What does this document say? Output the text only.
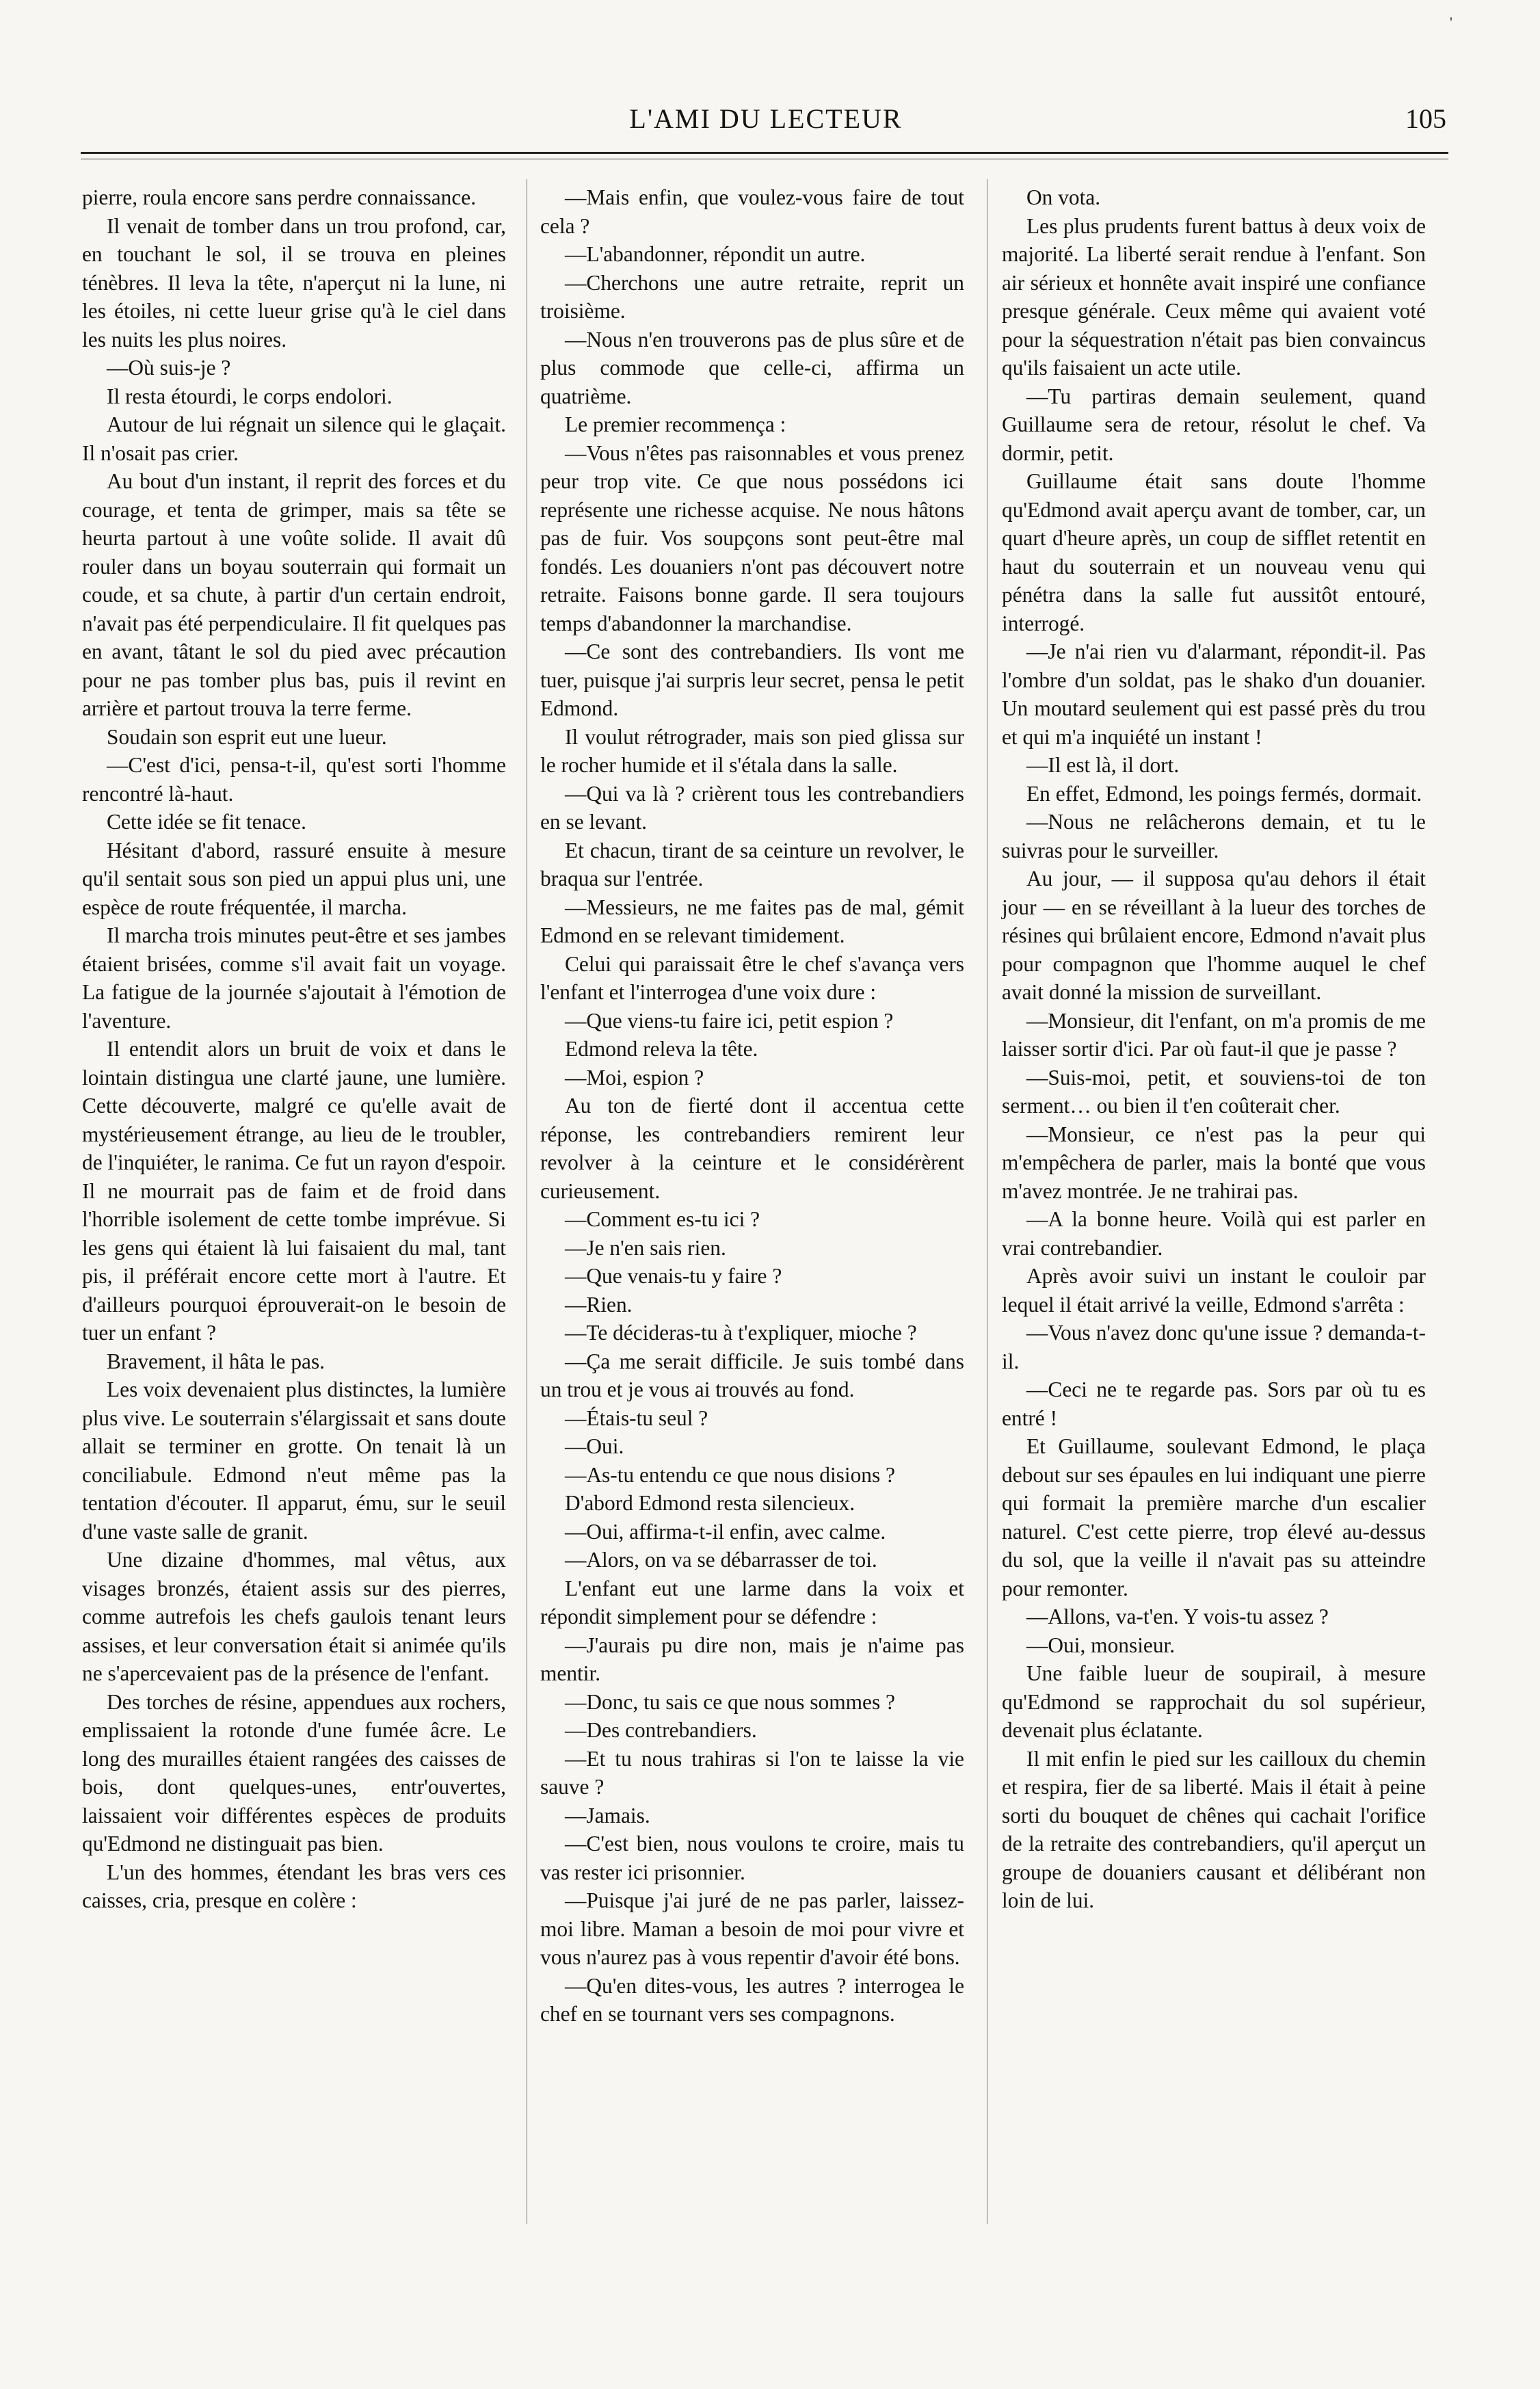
'
L'AMI DU LECTEUR	105

pierre, roula encore sans perdre connaissance.

Il venait de tomber dans un trou profond, car, en touchant le sol, il se trouva en pleines ténèbres. Il leva la tête, n'aperçut ni la lune, ni les étoiles, ni cette lueur grise qu'à le ciel dans les nuits les plus noires.

—Où suis-je ?

Il resta étourdi, le corps endolori.

Autour de lui régnait un silence qui le glaçait. Il n'osait pas crier.

Au bout d'un instant, il reprit des forces et du courage, et tenta de grimper, mais sa tête se heurta partout à une voûte solide. Il avait dû rouler dans un boyau souterrain qui formait un coude, et sa chute, à partir d'un certain endroit, n'avait pas été perpendiculaire. Il fit quelques pas en avant, tâtant le sol du pied avec précaution pour ne pas tomber plus bas, puis il revint en arrière et partout trouva la terre ferme.

Soudain son esprit eut une lueur.

—C'est d'ici, pensa-t-il, qu'est sorti l'homme rencontré là-haut.

Cette idée se fit tenace.

Hésitant d'abord, rassuré ensuite à mesure qu'il sentait sous son pied un appui plus uni, une espèce de route fréquentée, il marcha.

Il marcha trois minutes peut-être et ses jambes étaient brisées, comme s'il avait fait un voyage. La fatigue de la journée s'ajoutait à l'émotion de l'aventure.

Il entendit alors un bruit de voix et dans le lointain distingua une clarté jaune, une lumière. Cette découverte, malgré ce qu'elle avait de mystérieusement étrange, au lieu de le troubler, de l'inquiéter, le ranima. Ce fut un rayon d'espoir. Il ne mourrait pas de faim et de froid dans l'horrible isolement de cette tombe imprévue. Si les gens qui étaient là lui faisaient du mal, tant pis, il préférait encore cette mort à l'autre. Et d'ailleurs pourquoi éprouverait-on le besoin de tuer un enfant ?

Bravement, il hâta le pas.

Les voix devenaient plus distinctes, la lumière plus vive. Le souterrain s'élargissait et sans doute allait se terminer en grotte. On tenait là un conciliabule. Edmond n'eut même pas la tentation d'écouter. Il apparut, ému, sur le seuil d'une vaste salle de granit.

Une dizaine d'hommes, mal vêtus, aux visages bronzés, étaient assis sur des pierres, comme autrefois les chefs gaulois tenant leurs assises, et leur conversation était si animée qu'ils ne s'apercevaient pas de la présence de l'enfant.

Des torches de résine, appendues aux rochers, emplissaient la rotonde d'une fumée âcre. Le long des murailles étaient rangées des caisses de bois, dont quelques-unes, entr'ouvertes, laissaient voir différentes espèces de produits qu'Edmond ne distinguait pas bien.

L'un des hommes, étendant les bras vers ces caisses, cria, presque en colère :

—Mais enfin, que voulez-vous faire de tout cela ?

—L'abandonner, répondit un autre.

—Cherchons une autre retraite, reprit un troisième.

—Nous n'en trouverons pas de plus sûre et de plus commode que celle-ci, affirma un quatrième.

Le premier recommença :

—Vous n'êtes pas raisonnables et vous prenez peur trop vite. Ce que nous possédons ici représente une richesse acquise. Ne nous hâtons pas de fuir. Vos soupçons sont peut-être mal fondés. Les douaniers n'ont pas découvert notre retraite. Faisons bonne garde. Il sera toujours temps d'abandonner la marchandise.

—Ce sont des contrebandiers. Ils vont me tuer, puisque j'ai surpris leur secret, pensa le petit Edmond.

Il voulut rétrograder, mais son pied glissa sur le rocher humide et il s'étala dans la salle.

—Qui va là ? crièrent tous les contrebandiers en se levant.

Et chacun, tirant de sa ceinture un revolver, le braqua sur l'entrée.

—Messieurs, ne me faites pas de mal, gémit Edmond en se relevant timidement.

Celui qui paraissait être le chef s'avança vers l'enfant et l'interrogea d'une voix dure :

—Que viens-tu faire ici, petit espion ?

Edmond releva la tête.

—Moi, espion ?

Au ton de fierté dont il accentua cette réponse, les contrebandiers remirent leur revolver à la ceinture et le considérèrent curieusement.

—Comment es-tu ici ?

—Je n'en sais rien.

—Que venais-tu y faire ?

—Rien.

—Te décideras-tu à t'expliquer, mioche ?

—Ça me serait difficile. Je suis tombé dans un trou et je vous ai trouvés au fond.

—Étais-tu seul ?

—Oui.

—As-tu entendu ce que nous disions ?

D'abord Edmond resta silencieux.

—Oui, affirma-t-il enfin, avec calme.

—Alors, on va se débarrasser de toi.

L'enfant eut une larme dans la voix et répondit simplement pour se défendre :

—J'aurais pu dire non, mais je n'aime pas mentir.

—Donc, tu sais ce que nous sommes ?

—Des contrebandiers.

—Et tu nous trahiras si l'on te laisse la vie sauve ?

—Jamais.

—C'est bien, nous voulons te croire, mais tu vas rester ici prisonnier.

—Puisque j'ai juré de ne pas parler, laissez-moi libre. Maman a besoin de moi pour vivre et vous n'aurez pas à vous repentir d'avoir été bons.

—Qu'en dites-vous, les autres ? interrogea le chef en se tournant vers ses compagnons.

On vota.

Les plus prudents furent battus à deux voix de majorité. La liberté serait rendue à l'enfant. Son air sérieux et honnête avait inspiré une confiance presque générale. Ceux même qui avaient voté pour la séquestration n'était pas bien convaincus qu'ils faisaient un acte utile.

—Tu partiras demain seulement, quand Guillaume sera de retour, résolut le chef. Va dormir, petit.

Guillaume était sans doute l'homme qu'Edmond avait aperçu avant de tomber, car, un quart d'heure après, un coup de sifflet retentit en haut du souterrain et un nouveau venu qui pénétra dans la salle fut aussitôt entouré, interrogé.

—Je n'ai rien vu d'alarmant, répondit-il. Pas l'ombre d'un soldat, pas le shako d'un douanier. Un moutard seulement qui est passé près du trou et qui m'a inquiété un instant !

—Il est là, il dort.

En effet, Edmond, les poings fermés, dormait.

—Nous ne relâcherons demain, et tu le suivras pour le surveiller.

Au jour, — il supposa qu'au dehors il était jour — en se réveillant à la lueur des torches de résines qui brûlaient encore, Edmond n'avait plus pour compagnon que l'homme auquel le chef avait donné la mission de surveillant.

—Monsieur, dit l'enfant, on m'a promis de me laisser sortir d'ici. Par où faut-il que je passe ?

—Suis-moi, petit, et souviens-toi de ton serment… ou bien il t'en coûterait cher.

—Monsieur, ce n'est pas la peur qui m'empêchera de parler, mais la bonté que vous m'avez montrée. Je ne trahirai pas.

—A la bonne heure. Voilà qui est parler en vrai contrebandier.

Après avoir suivi un instant le couloir par lequel il était arrivé la veille, Edmond s'arrêta :

—Vous n'avez donc qu'une issue ? demanda-t-il.

—Ceci ne te regarde pas. Sors par où tu es entré !

Et Guillaume, soulevant Edmond, le plaça debout sur ses épaules en lui indiquant une pierre qui formait la première marche d'un escalier naturel. C'est cette pierre, trop élevé au-dessus du sol, que la veille il n'avait pas su atteindre pour remonter.

—Allons, va-t'en. Y vois-tu assez ?

—Oui, monsieur.

Une faible lueur de soupirail, à mesure qu'Edmond se rapprochait du sol supérieur, devenait plus éclatante.

Il mit enfin le pied sur les cailloux du chemin et respira, fier de sa liberté. Mais il était à peine sorti du bouquet de chênes qui cachait l'orifice de la retraite des contrebandiers, qu'il aperçut un groupe de douaniers causant et délibérant non loin de lui.
